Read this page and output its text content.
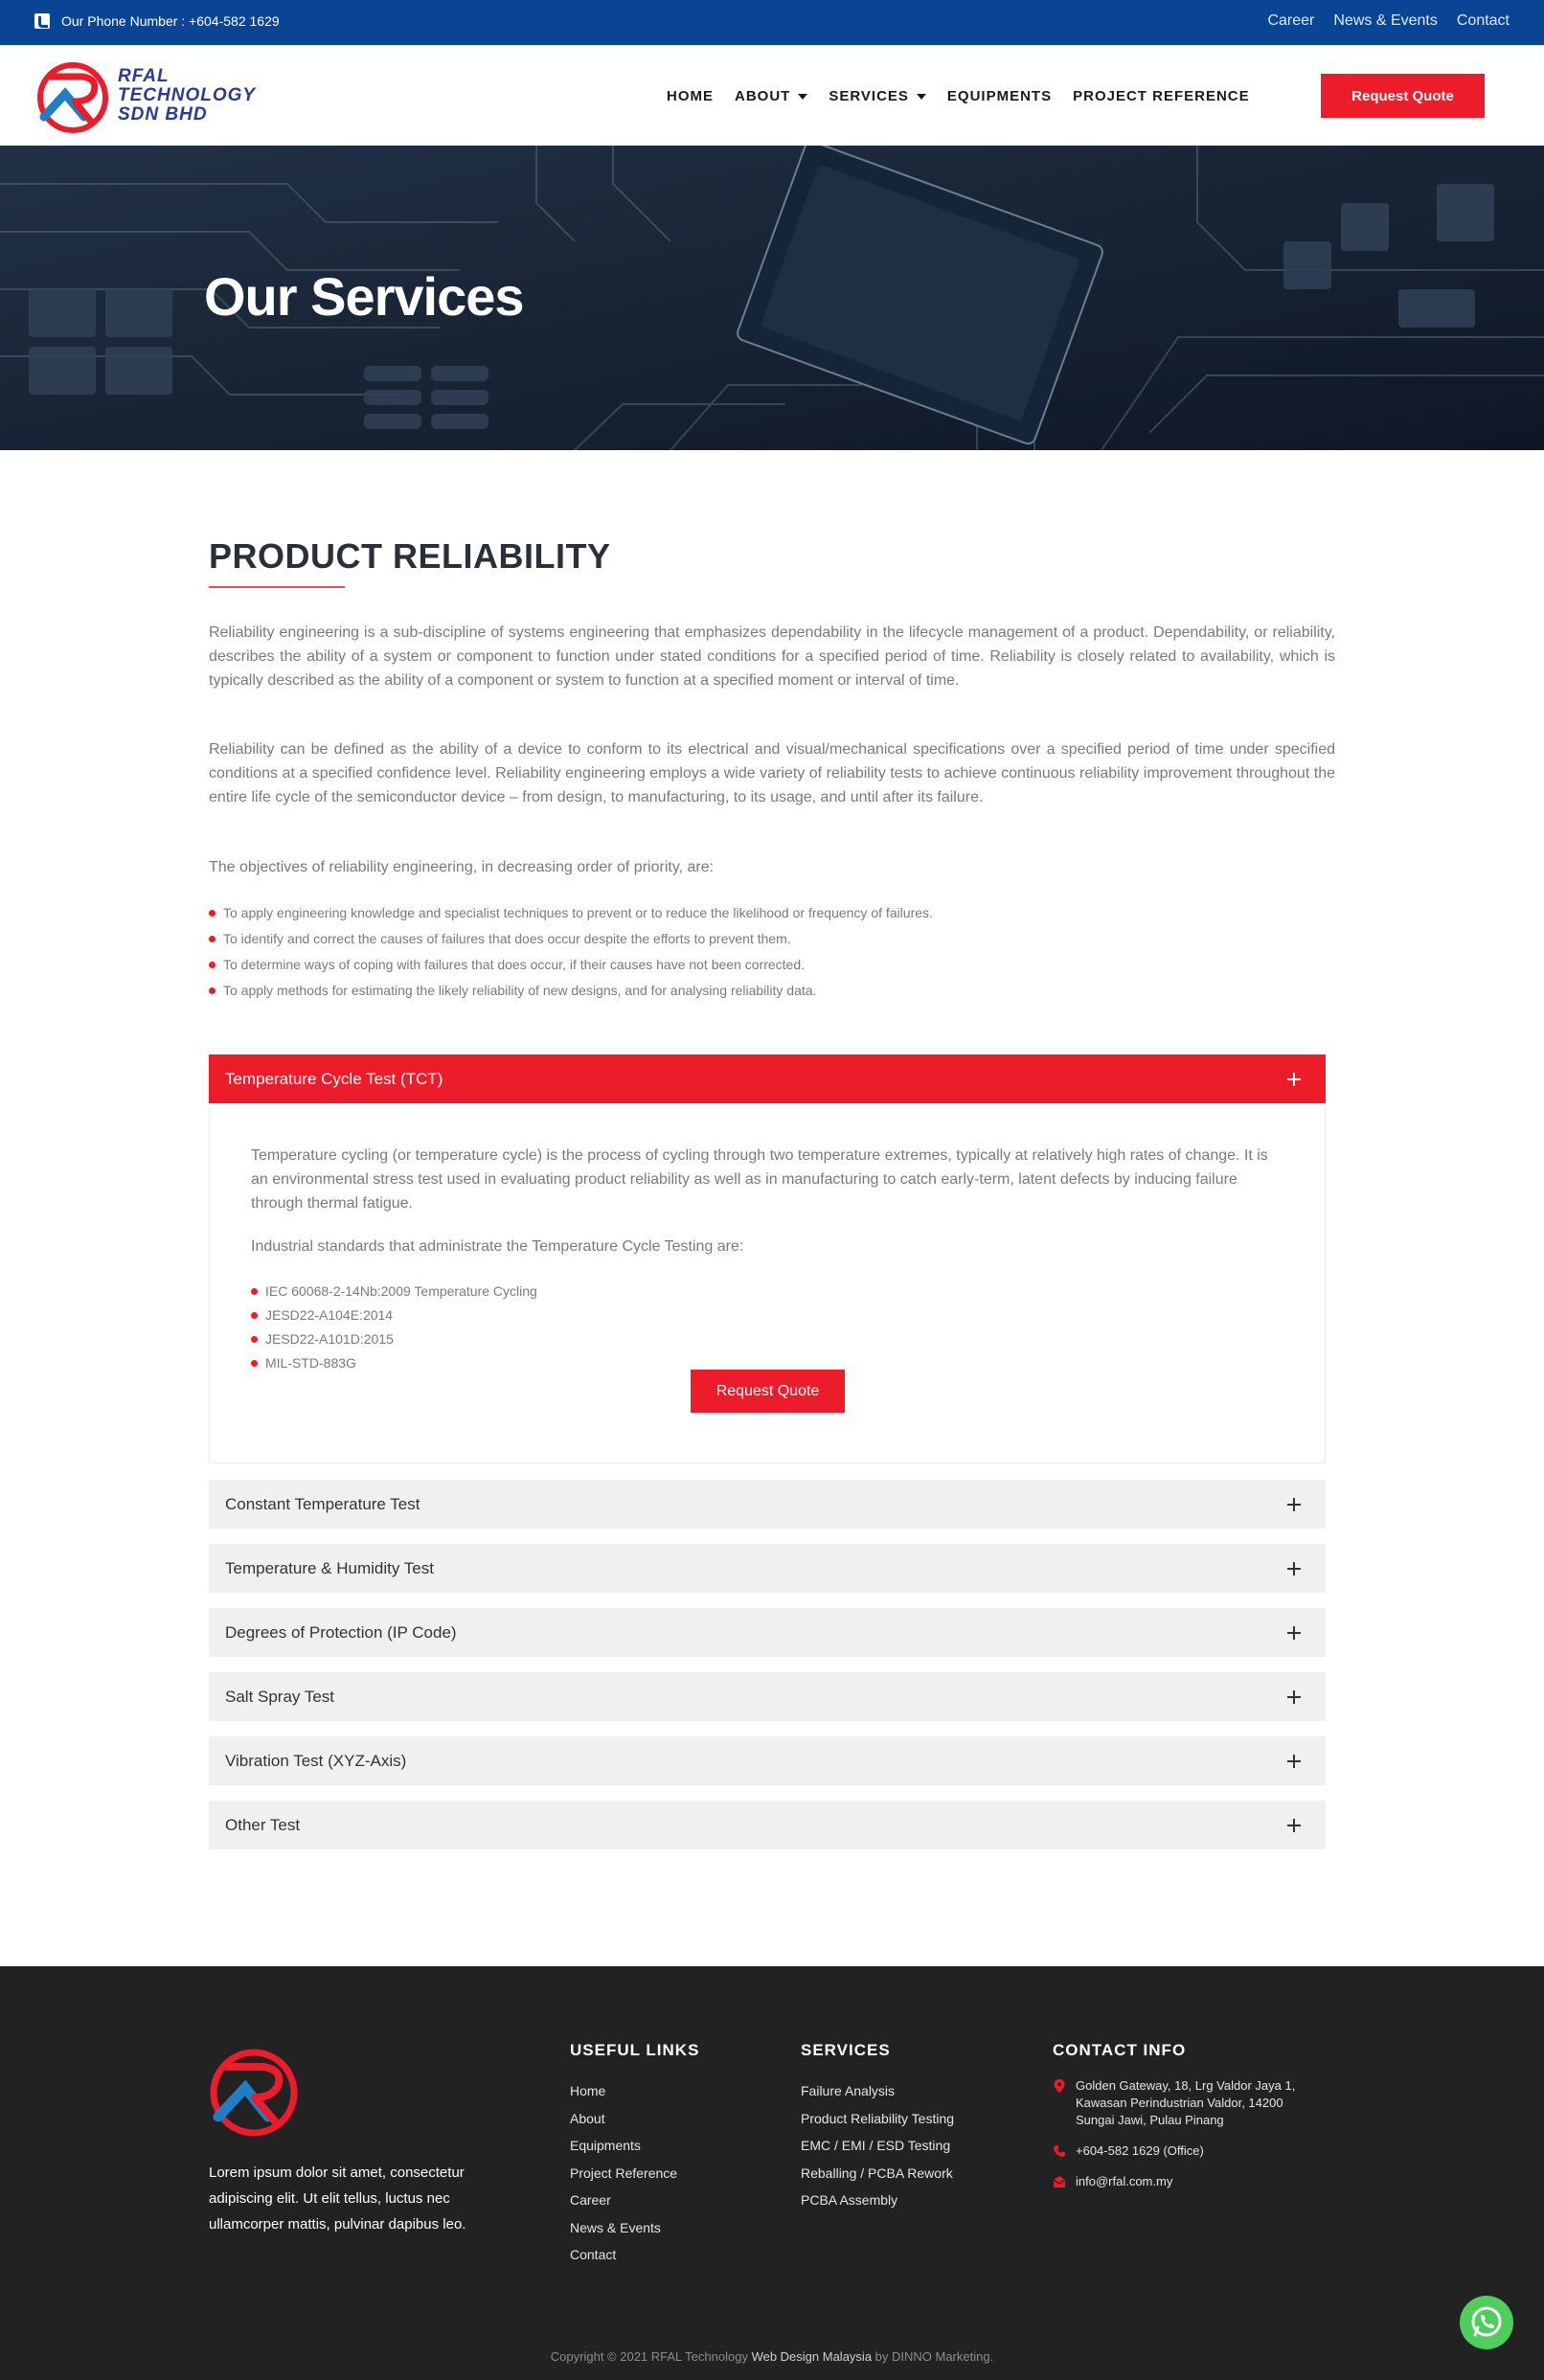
Our Phone Number : +604-582 1629	Career News & Events Contact
RFAL
TECHNOLOGY
SDN BHD
HOME ABOUT	SERVICES	EQUIPMENTS PROJECT REFERENCE	Request Quote
Our Services
PRODUCT RELIABILITY

Reliability engineering is a sub-discipline of systems engineering that emphasizes dependability in the lifecycle management of a product. Dependability, or reliability, describes the ability of a system or component to function under stated conditions for a specified period of time. Reliability is closely related to availability, which is typically described as the ability of a component or system to function at a specified moment or interval of time.

Reliability can be defined as the ability of a device to conform to its electrical and visual/mechanical specifications over a specified period of time under specified conditions at a specified confidence level. Reliability engineering employs a wide variety of reliability tests to achieve continuous reliability improvement throughout the entire life cycle of the semiconductor device – from design, to manufacturing, to its usage, and until after its failure.

The objectives of reliability engineering, in decreasing order of priority, are:

To apply engineering knowledge and specialist techniques to prevent or to reduce the likelihood or frequency of failures.
To identify and correct the causes of failures that does occur despite the efforts to prevent them.
To determine ways of coping with failures that does occur, if their causes have not been corrected.
To apply methods for estimating the likely reliability of new designs, and for analysing reliability data.
Temperature Cycle Test (TCT)

Temperature cycling (or temperature cycle) is the process of cycling through two temperature extremes, typically at relatively high rates of change. It is an environmental stress test used in evaluating product reliability as well as in manufacturing to catch early-term, latent defects by inducing failure through thermal fatigue.

Industrial standards that administrate the Temperature Cycle Testing are:

IEC 60068-2-14Nb:2009 Temperature Cycling
JESD22-A104E:2014
JESD22-A101D:2015
MIL-STD-883G
Request Quote
Constant Temperature Test
Temperature & Humidity Test
Degrees of Protection (IP Code)
Salt Spray Test
Vibration Test (XYZ-Axis)
Other Test

Lorem ipsum dolor sit amet, consectetur adipiscing elit. Ut elit tellus, luctus nec ullamcorper mattis, pulvinar dapibus leo.

USEFUL LINKS
Home
About
Equipments
Project Reference
Career
News & Events
Contact
SERVICES
Failure Analysis
Product Reliability Testing
EMC / EMI / ESD Testing
Reballing / PCBA Rework
PCBA Assembly
CONTACT INFO
Golden Gateway, 18, Lrg Valdor Jaya 1, Kawasan Perindustrian Valdor, 14200 Sungai Jawi, Pulau Pinang
+604-582 1629 (Office)
info@rfal.com.my
Copyright © 2021 RFAL Technology Web Design Malaysia by DINNO Marketing.
